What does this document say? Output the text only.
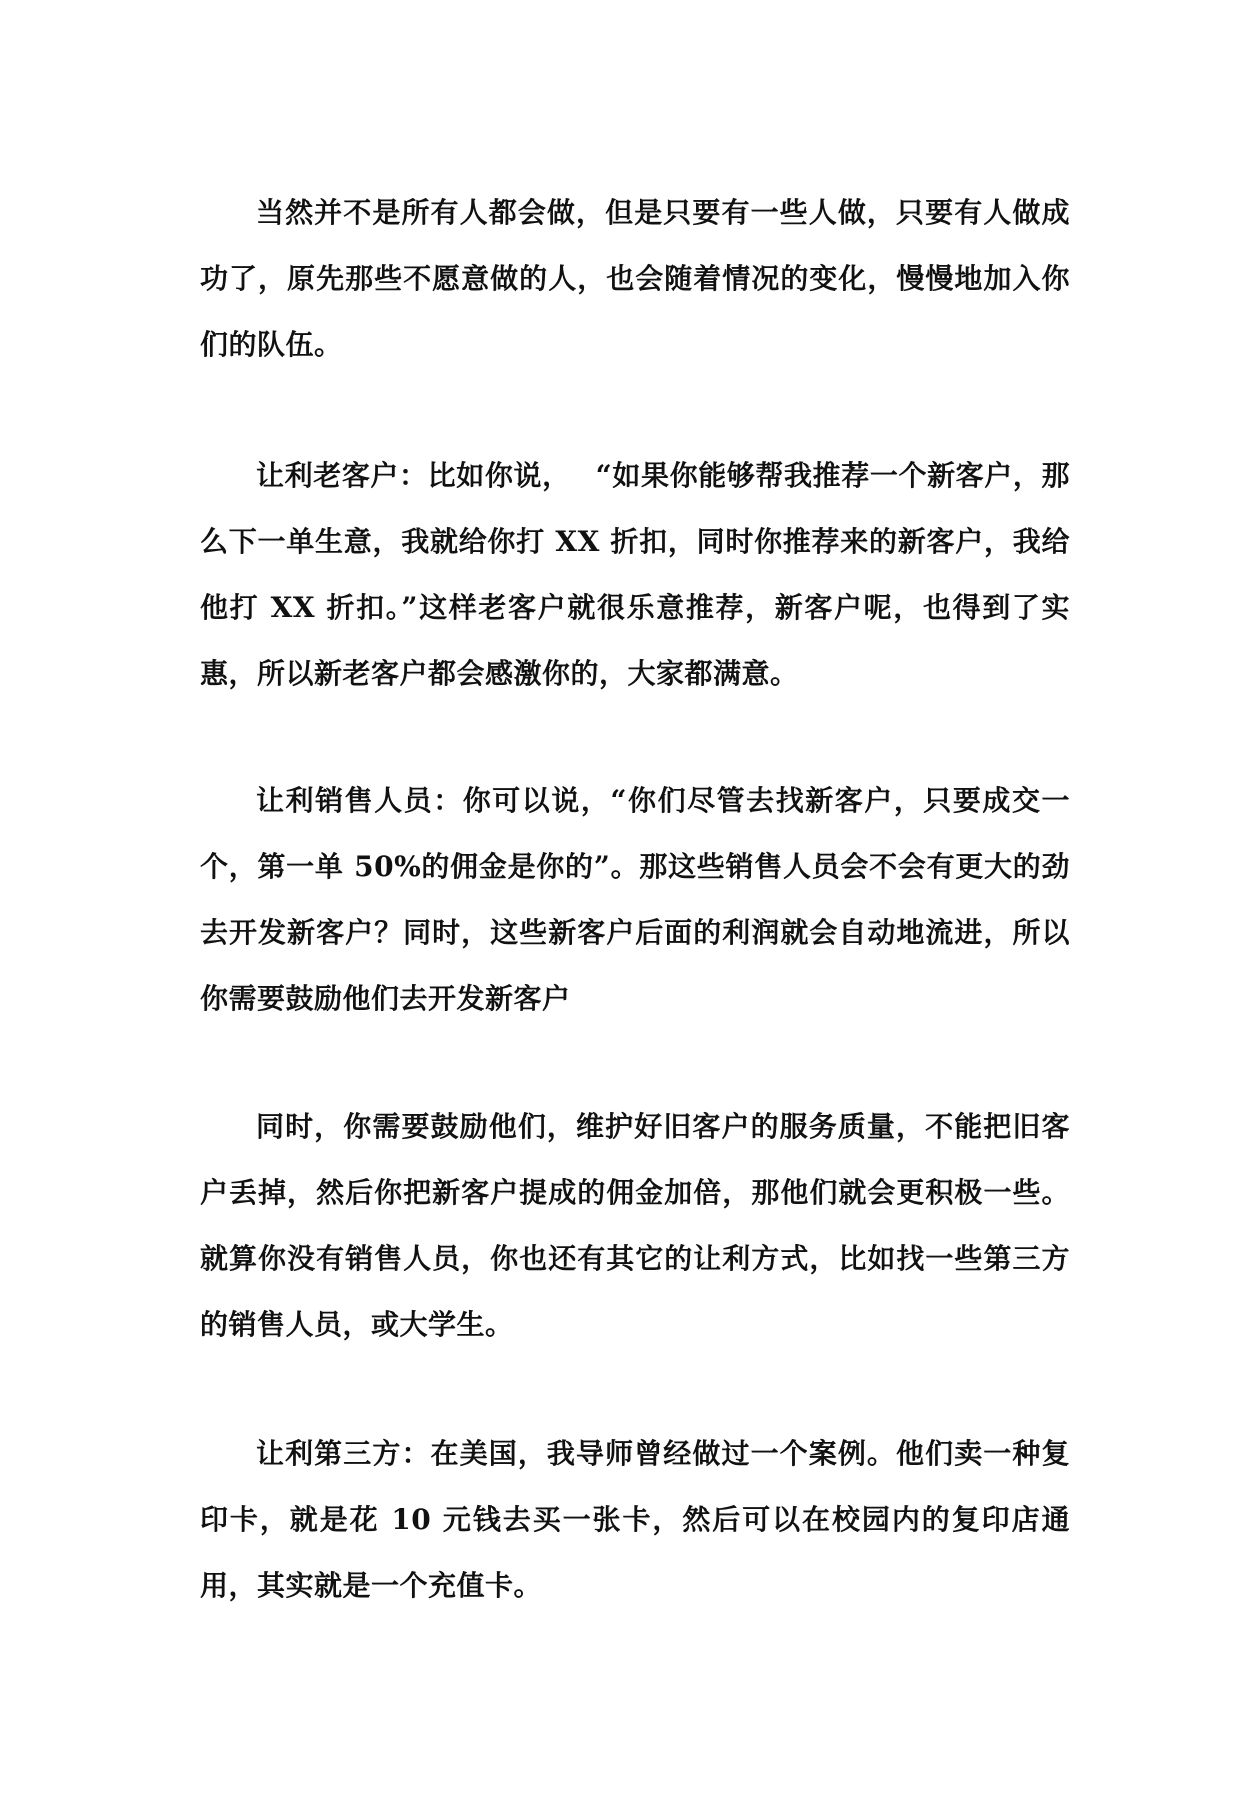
当然并不是所有人都会做，但是只要有一些人做，只要有人做成功了，原先那些不愿意做的人，也会随着情况的变化，慢慢地加入你们的队伍。

让利老客户：比如你说，　 “如果你能够帮我推荐一个新客户，那么下一单生意，我就给你打 XX 折扣，同时你推荐来的新客户，我给他打 XX 折扣。”这样老客户就很乐意推荐，新客户呢，也得到了实惠，所以新老客户都会感激你的，大家都满意。

让利销售人员：你可以说，“你们尽管去找新客户，只要成交一个，第一单 50%的佣金是你的”。那这些销售人员会不会有更大的劲去开发新客户？同时，这些新客户后面的利润就会自动地流进，所以你需要鼓励他们去开发新客户

同时，你需要鼓励他们，维护好旧客户的服务质量，不能把旧客户丢掉，然后你把新客户提成的佣金加倍，那他们就会更积极一些。就算你没有销售人员，你也还有其它的让利方式，比如找一些第三方的销售人员，或大学生。

让利第三方：在美国，我导师曾经做过一个案例。他们卖一种复印卡，就是花 10 元钱去买一张卡，然后可以在校园内的复印店通用，其实就是一个充值卡。
